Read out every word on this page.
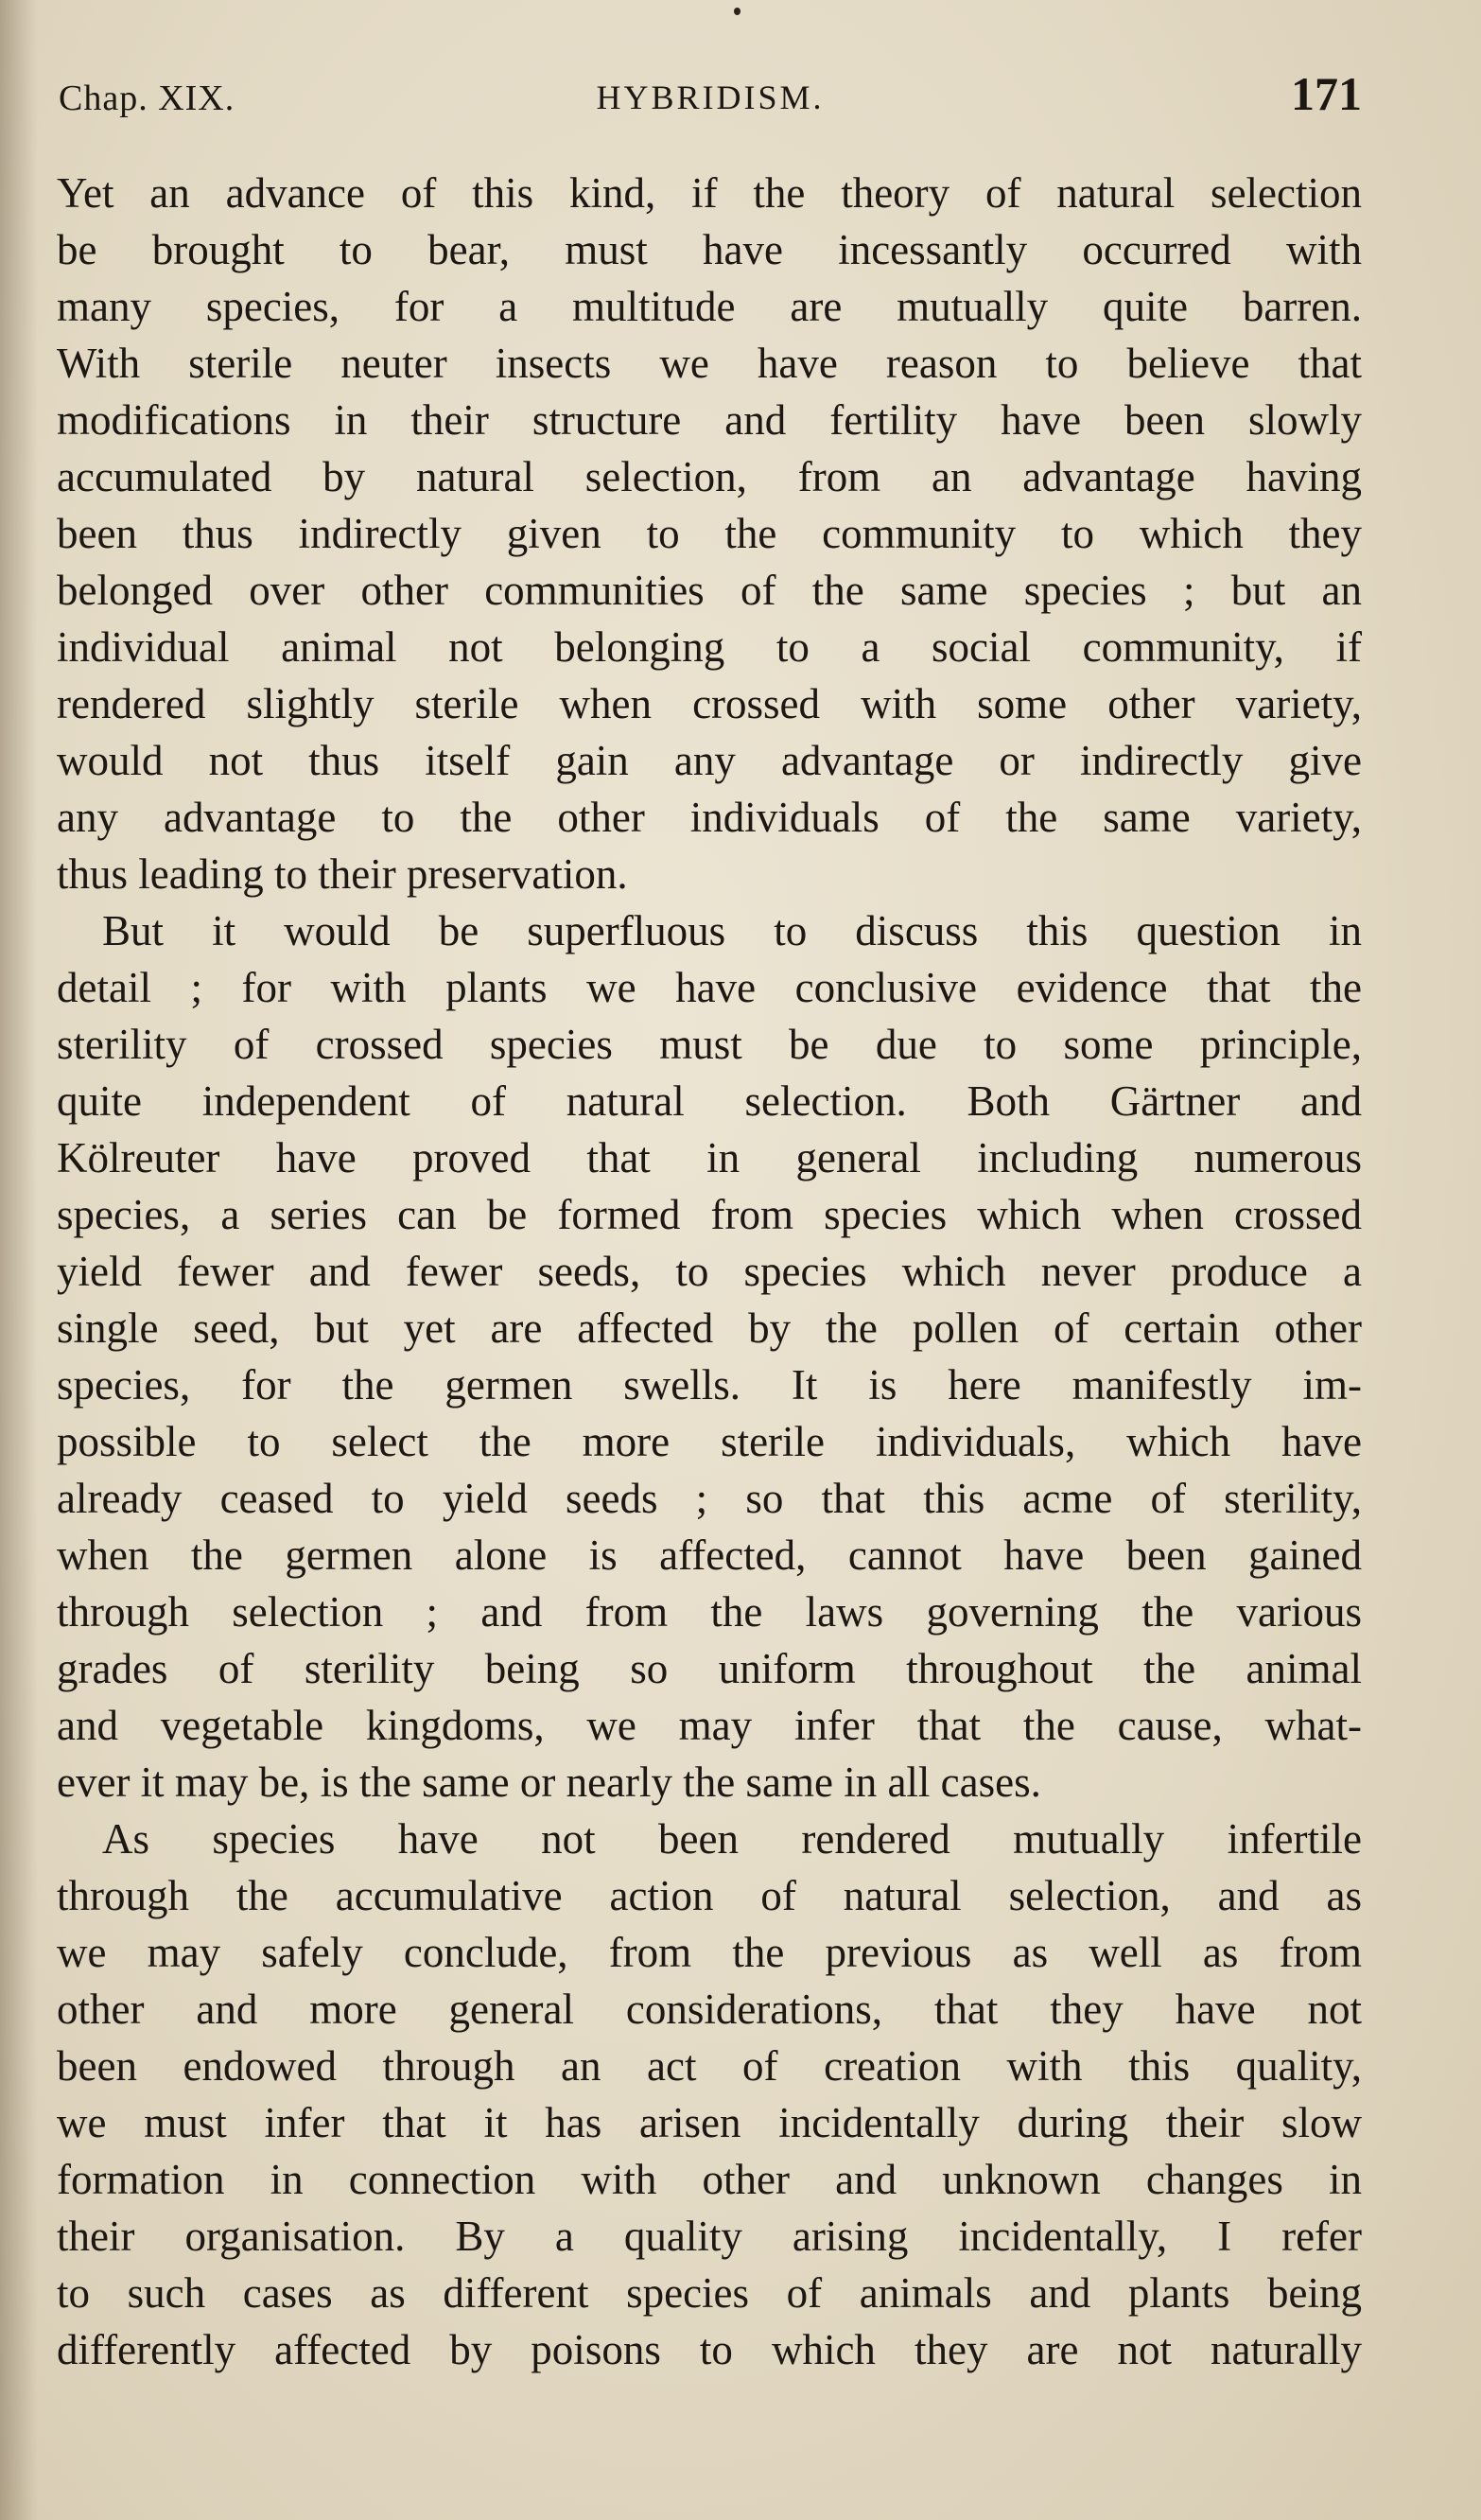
Chap. XIX.	HYBRIDISM.	171
Yet an advance of this kind, if the theory of natural selection
be brought to bear, must have incessantly occurred with
many species, for a multitude are mutually quite barren.
With sterile neuter insects we have reason to believe that
modifications in their structure and fertility have been slowly
accumulated by natural selection, from an advantage having
been thus indirectly given to the community to which they
belonged over other communities of the same species ; but an
individual animal not belonging to a social community, if
rendered slightly sterile when crossed with some other variety,
would not thus itself gain any advantage or indirectly give
any advantage to the other individuals of the same variety,
thus leading to their preservation.
But it would be superfluous to discuss this question in
detail ; for with plants we have conclusive evidence that the
sterility of crossed species must be due to some principle,
quite independent of natural selection. Both Gärtner and
Kölreuter have proved that in general including numerous
species, a series can be formed from species which when crossed
yield fewer and fewer seeds, to species which never produce a
single seed, but yet are affected by the pollen of certain other
species, for the germen swells. It is here manifestly im-
possible to select the more sterile individuals, which have
already ceased to yield seeds ; so that this acme of sterility,
when the germen alone is affected, cannot have been gained
through selection ; and from the laws governing the various
grades of sterility being so uniform throughout the animal
and vegetable kingdoms, we may infer that the cause, what-
ever it may be, is the same or nearly the same in all cases.
As species have not been rendered mutually infertile
through the accumulative action of natural selection, and as
we may safely conclude, from the previous as well as from
other and more general considerations, that they have not
been endowed through an act of creation with this quality,
we must infer that it has arisen incidentally during their slow
formation in connection with other and unknown changes in
their organisation. By a quality arising incidentally, I refer
to such cases as different species of animals and plants being
differently affected by poisons to which they are not naturally
